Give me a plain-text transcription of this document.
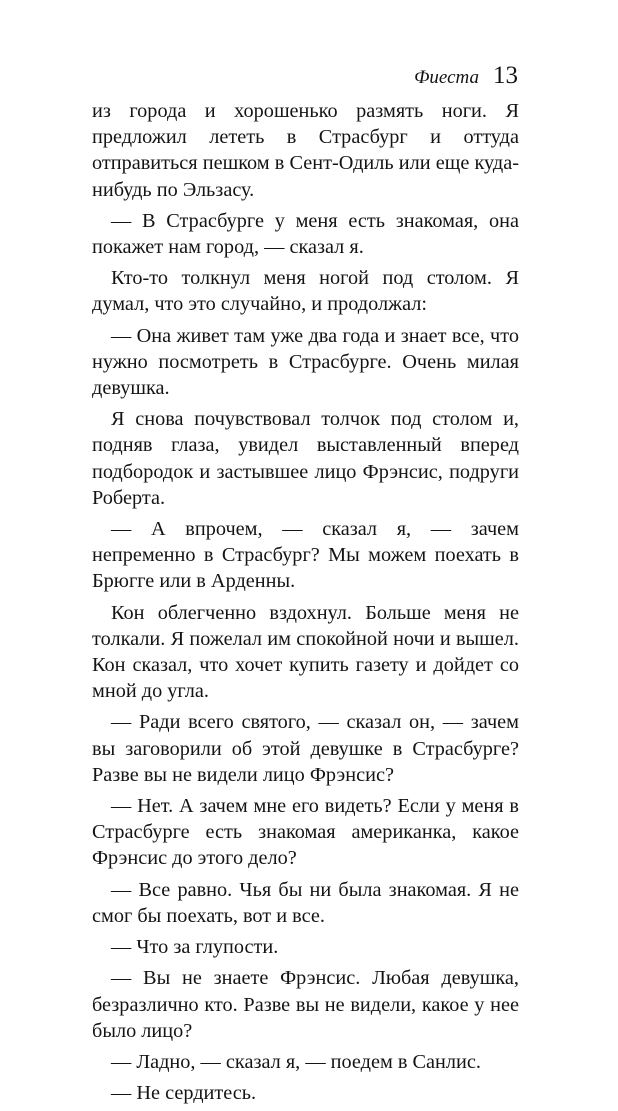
Фиеста 13

из города и хорошенько размять ноги. Я предложил лететь в Страсбург и оттуда отправиться пешком в Сент-Одиль или еще куда-нибудь по Эльзасу.

— В Страсбурге у меня есть знакомая, она покажет нам город, — сказал я.

Кто-то толкнул меня ногой под столом. Я думал, что это случайно, и продолжал:

— Она живет там уже два года и знает все, что нужно посмотреть в Страсбурге. Очень милая девушка.

Я снова почувствовал толчок под столом и, подняв глаза, увидел выставленный вперед подбородок и застывшее лицо Фрэнсис, подруги Роберта.

— А впрочем, — сказал я, — зачем непременно в Страсбург? Мы можем поехать в Брюгге или в Арденны.

Кон облегченно вздохнул. Больше меня не толкали. Я пожелал им спокойной ночи и вышел. Кон сказал, что хочет купить газету и дойдет со мной до угла.

— Ради всего святого, — сказал он, — зачем вы заговорили об этой девушке в Страсбурге? Разве вы не видели лицо Фрэнсис?

— Нет. А зачем мне его видеть? Если у меня в Страсбурге есть знакомая американка, какое Фрэнсис до этого дело?

— Все равно. Чья бы ни была знакомая. Я не смог бы поехать, вот и все.

— Что за глупости.

— Вы не знаете Фрэнсис. Любая девушка, безразлично кто. Разве вы не видели, какое у нее было лицо?

— Ладно, — сказал я, — поедем в Санлис.

— Не сердитесь.
